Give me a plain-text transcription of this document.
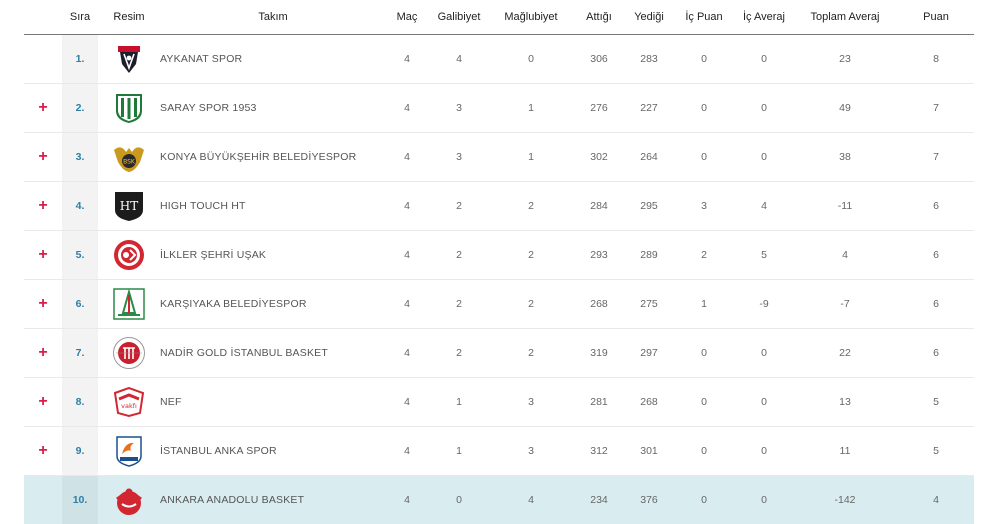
	Sıra	Resim	Takım	Maç	Galibiyet	Mağlubiyet	Attığı	Yediği	İç Puan	İç Averaj	Toplam Averaj	Puan
	1.		AYKANAT SPOR	4	4	0	306	283	0	0	23	8
+	2.		SARAY SPOR 1953	4	3	1	276	227	0	0	49	7
+	3.	BSK	KONYA BÜYÜKŞEHİR BELEDİYESPOR	4	3	1	302	264	0	0	38	7
+	4.	HT	HIGH TOUCH HT	4	2	2	284	295	3	4	-11	6
+	5.		İLKLER ŞEHRİ UŞAK	4	2	2	293	289	2	5	4	6
+	6.		KARŞIYAKA BELEDİYESPOR	4	2	2	268	275	1	-9	-7	6
+	7.		NADİR GOLD İSTANBUL BASKET	4	2	2	319	297	0	0	22	6
+	8.	vakfı	NEF	4	1	3	281	268	0	0	13	5
+	9.		İSTANBUL ANKA SPOR	4	1	3	312	301	0	0	11	5
	10.		ANKARA ANADOLU BASKET	4	0	4	234	376	0	0	-142	4
